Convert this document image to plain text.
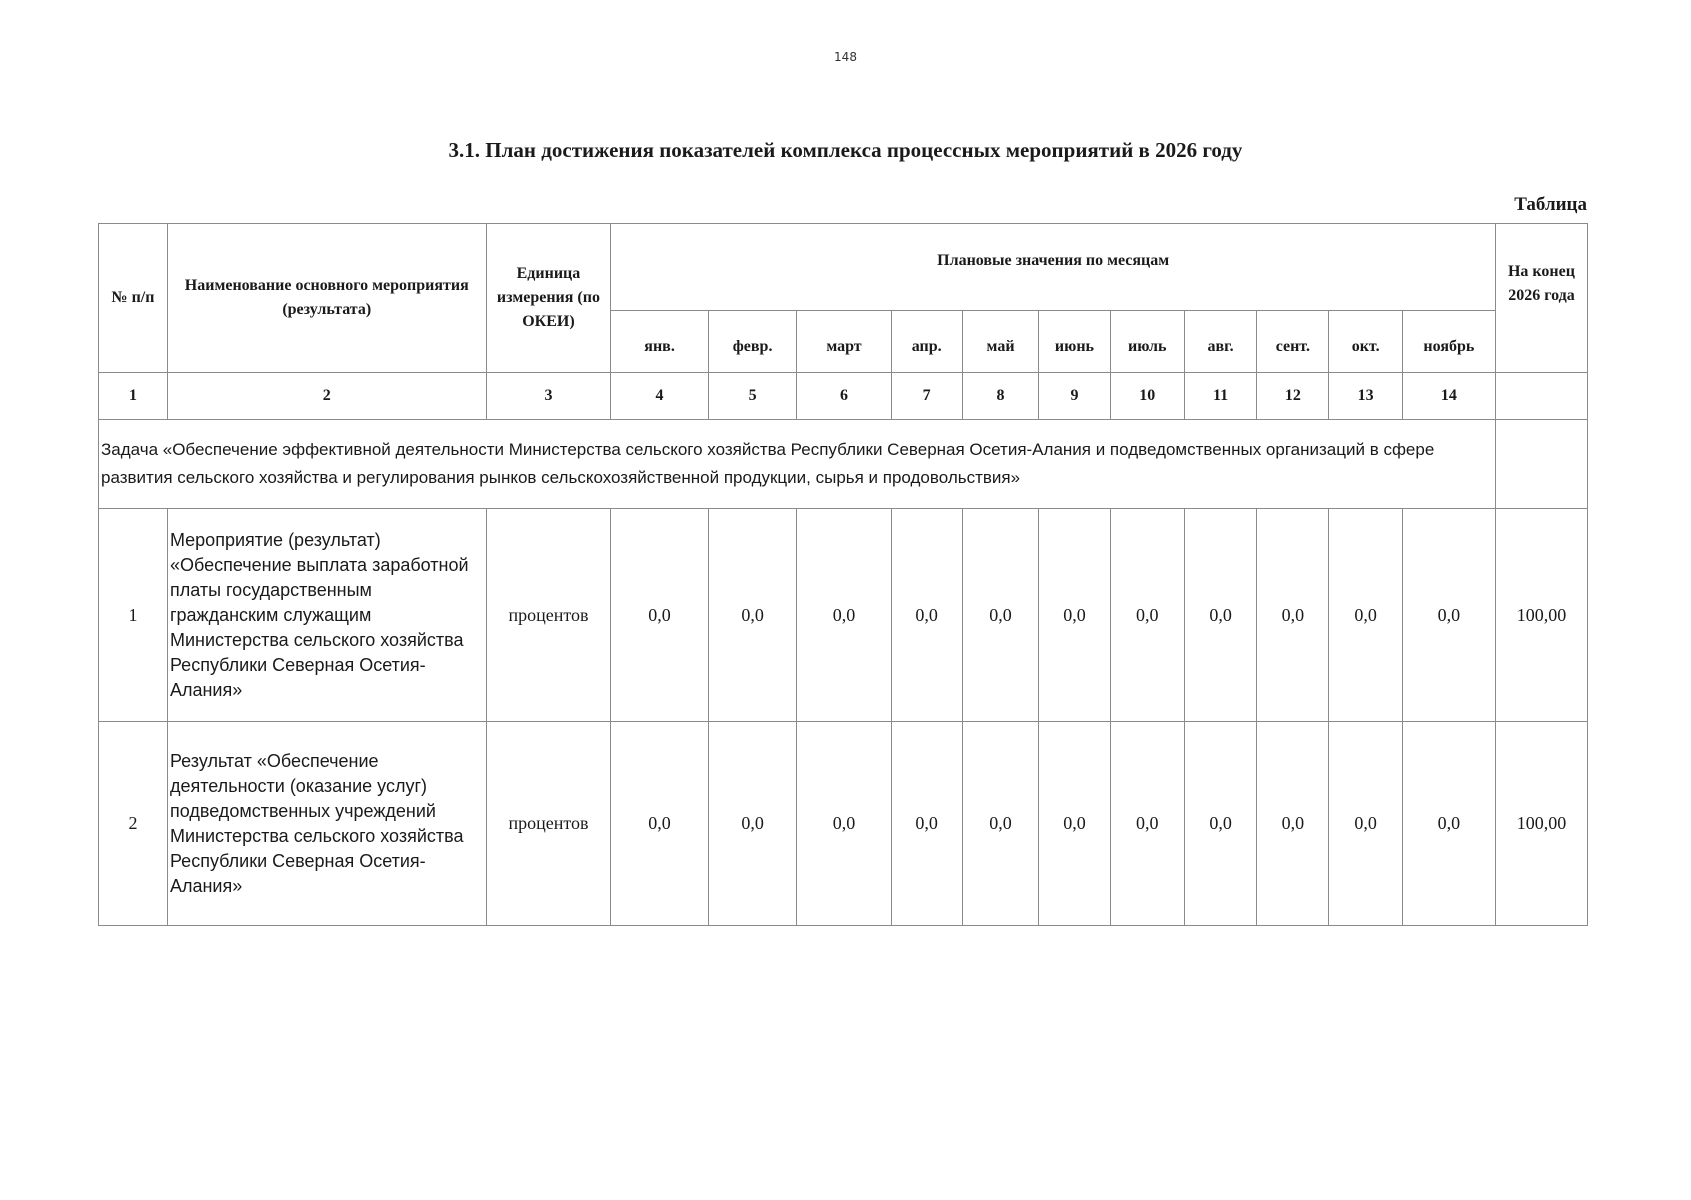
148
3.1. План достижения показателей комплекса процессных мероприятий в 2026 году
Таблица
№ п/п	Наименование основного мероприятия (результата)	Единица измерения (по ОКЕИ)	Плановые значения по месяцам											На конец 2026 года
			янв.	февр.	март	апр.	май	июнь	июль	авг.	сент.	окт.	ноябрь	
1	2	3	4	5	6	7	8	9	10	11	12	13	14	
Задача «Обеспечение эффективной деятельности Министерства сельского хозяйства Республики Северная Осетия-Алания и подведомственных организаций в сфере развития сельского хозяйства и регулирования рынков сельскохозяйственной продукции, сырья и продовольствия»														
1	Мероприятие (результат) «Обеспечение выплата заработной платы государственным гражданским служащим Министерства сельского хозяйства Республики Северная Осетия-Алания»	процентов	0,0	0,0	0,0	0,0	0,0	0,0	0,0	0,0	0,0	0,0	0,0	100,00
2	Результат «Обеспечение деятельности (оказание услуг) подведомственных учреждений Министерства сельского хозяйства Республики Северная Осетия-Алания»	процентов	0,0	0,0	0,0	0,0	0,0	0,0	0,0	0,0	0,0	0,0	0,0	100,00
